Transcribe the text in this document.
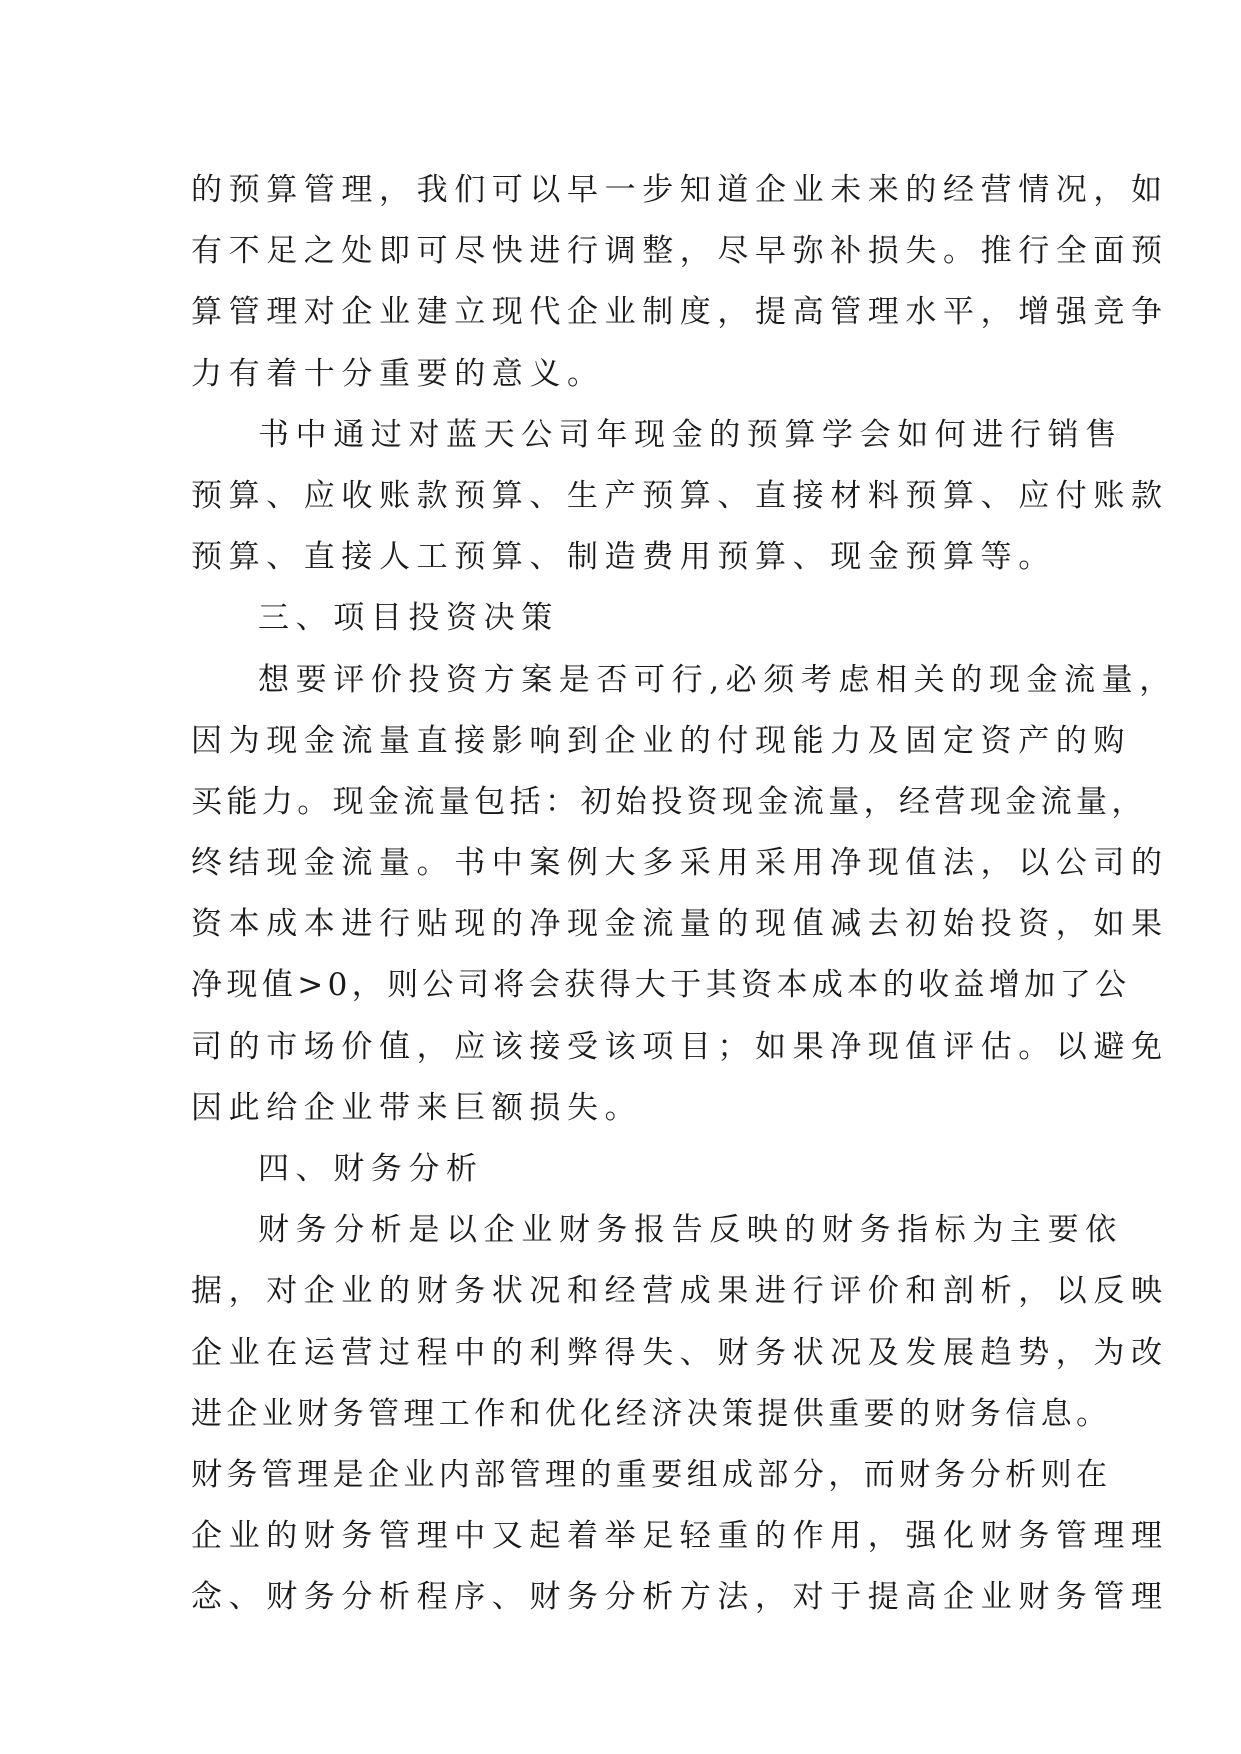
的预算管理，我们可以早一步知道企业未来的经营情况，如
有不足之处即可尽快进行调整，尽早弥补损失。推行全面预
算管理对企业建立现代企业制度，提高管理水平，增强竞争
力有着十分重要的意义。
书中通过对蓝天公司年现金的预算学会如何进行销售
预算、应收账款预算、生产预算、直接材料预算、应付账款
预算、直接人工预算、制造费用预算、现金预算等。
三、项目投资决策
想要评价投资方案是否可行,必须考虑相关的现金流量，
因为现金流量直接影响到企业的付现能力及固定资产的购
买能力。现金流量包括：初始投资现金流量，经营现金流量，
终结现金流量。书中案例大多采用采用净现值法，以公司的
资本成本进行贴现的净现金流量的现值减去初始投资，如果
净现值>0，则公司将会获得大于其资本成本的收益增加了公
司的市场价值，应该接受该项目；如果净现值评估。以避免
因此给企业带来巨额损失。
四、财务分析
财务分析是以企业财务报告反映的财务指标为主要依
据，对企业的财务状况和经营成果进行评价和剖析，以反映
企业在运营过程中的利弊得失、财务状况及发展趋势，为改
进企业财务管理工作和优化经济决策提供重要的财务信息。
财务管理是企业内部管理的重要组成部分，而财务分析则在
企业的财务管理中又起着举足轻重的作用，强化财务管理理
念、财务分析程序、财务分析方法，对于提高企业财务管理
